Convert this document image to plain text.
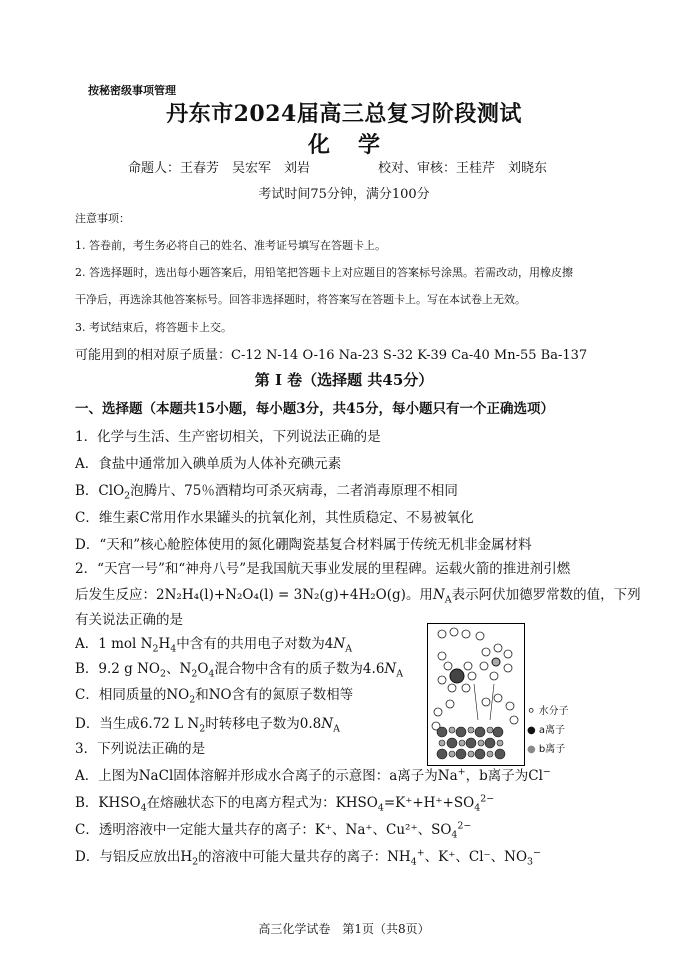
按秘密级事项管理
丹东市2024届高三总复习阶段测试
化学
命题人：王春芳　吴宏军　刘岩	校对、审核：王桂芹　刘晓东
考试时间75分钟，满分100分
注意事项：
1. 答卷前，考生务必将自己的姓名、准考证号填写在答题卡上。
2. 答选择题时，选出每小题答案后，用铅笔把答题卡上对应题目的答案标号涂黑。若需改动，用橡皮擦
干净后，再选涂其他答案标号。回答非选择题时，将答案写在答题卡上。写在本试卷上无效。
3. 考试结束后，将答题卡上交。
可能用到的相对原子质量：C-12 N-14 O-16 Na-23 S-32 K-39 Ca-40 Mn-55 Ba-137
第 Ⅰ 卷（选择题 共45分）
一、选择题（本题共15小题，每小题3分，共45分，每小题只有一个正确选项）
1．化学与生活、生产密切相关，下列说法正确的是
A．食盐中通常加入碘单质为人体补充碘元素
B．ClO$_2$泡腾片、75％酒精均可杀灭病毒，二者消毒原理不相同
C．维生素C常用作水果罐头的抗氧化剂，其性质稳定、不易被氧化
D．“天和”核心舱腔体使用的氮化硼陶瓷基复合材料属于传统无机非金属材料
2．“天宫一号”和“神舟八号”是我国航天事业发展的里程碑。运载火箭的推进剂引燃
后发生反应：2N₂H₄(l)+N₂O₄(l) = 3N₂(g)+4H₂O(g)。用$N_A$表示阿伏加德罗常数的值，下列
有关说法正确的是
A．1 mol $N_2H_4$中含有的共用电子对数为$4N_A$
B．9.2 g $NO_2$、$N_2O_4$混合物中含有的质子数为$4.6N_A$
C．相同质量的$NO_2$和NO含有的氮原子数相等
D．当生成6.72 L $N_2$时转移电子数为$0.8N_A$
⚪ 水分子
● a离子
● b离子
3．下列说法正确的是
A．上图为NaCl固体溶解并形成水合离子的示意图：a离子为Na+，b离子为Cl−
B．$KHSO_4$在熔融状态下的电离方程式为：$KHSO_4=K^++H^++SO_4^{2-}$
C．透明溶液中一定能大量共存的离子：K⁺、Na⁺、Cu²⁺、$SO_4^{2-}$
D．与铝反应放出$H_2$的溶液中可能大量共存的离子：$NH_4^+$、K⁺、Cl⁻、$NO_3^-$
高三化学试卷　第1页（共8页）
